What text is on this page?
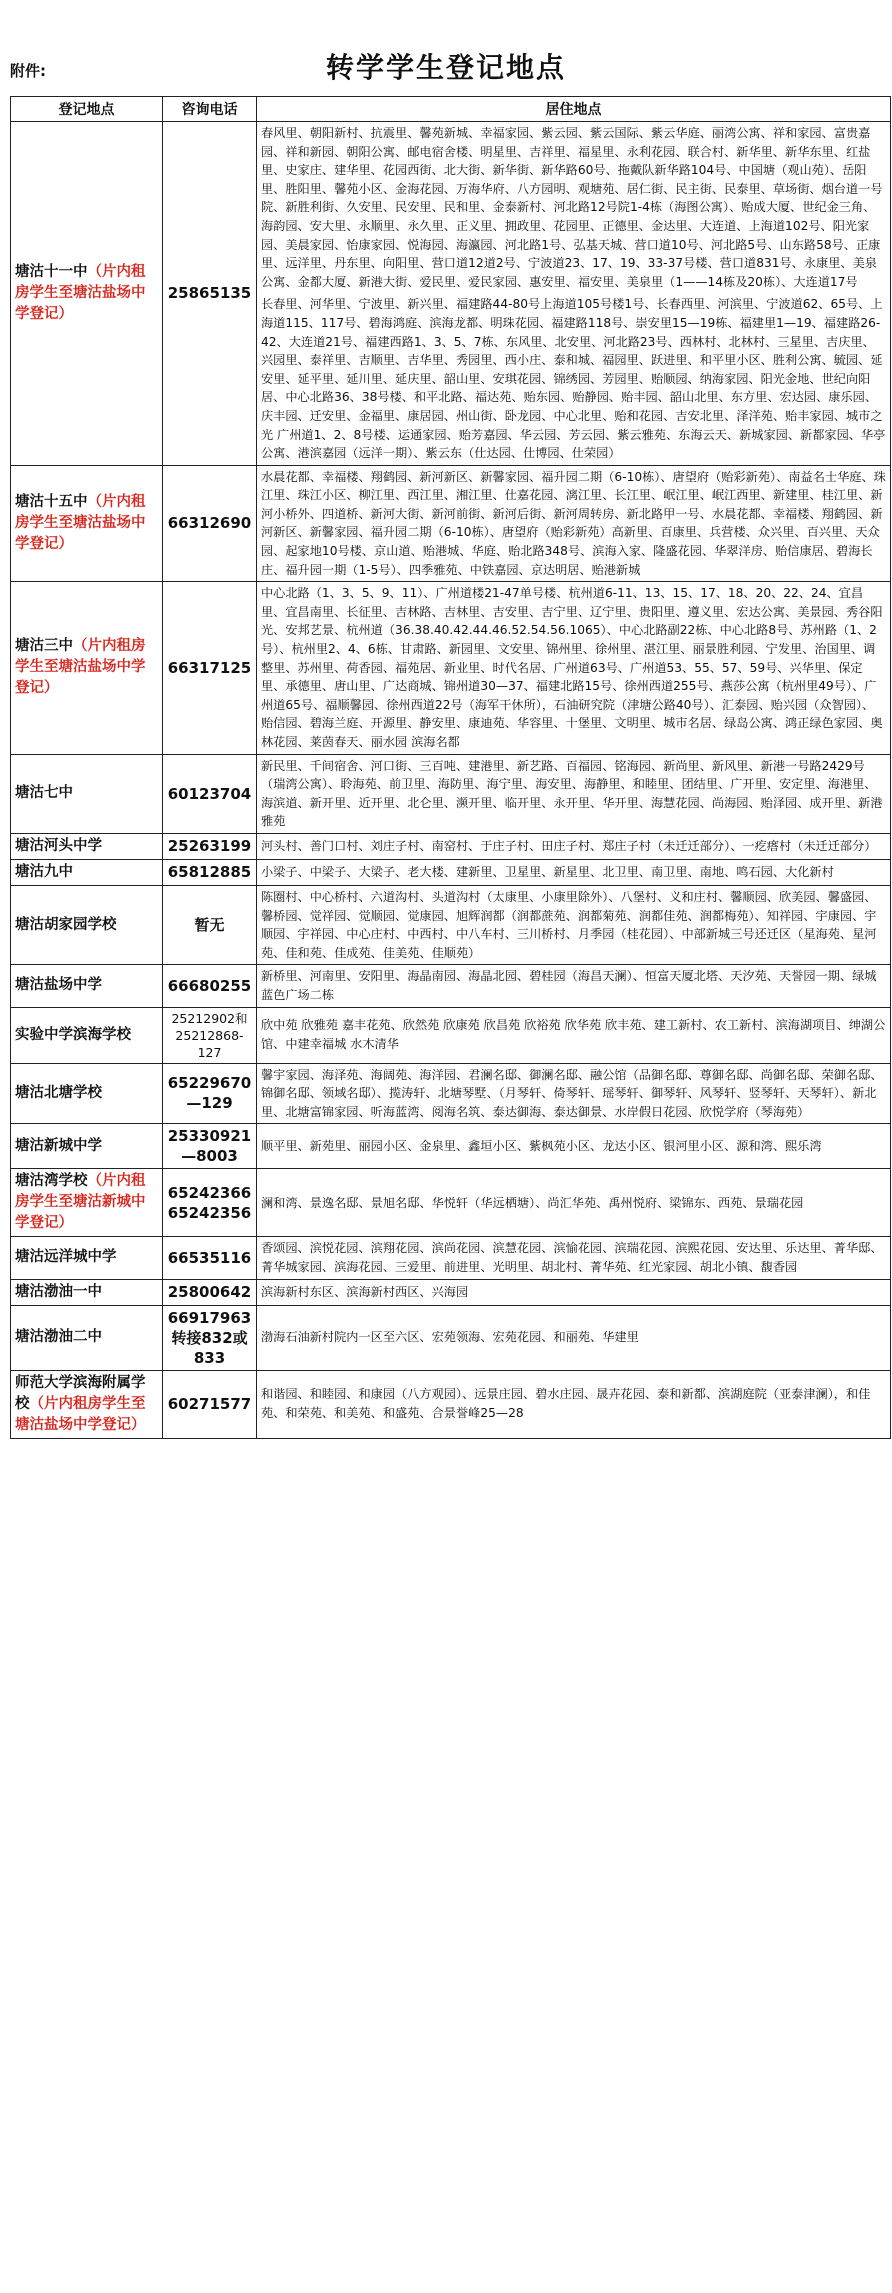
附件:	转学学生登记地点
登记地点	咨询电话	居住地点
塘沽十一中（片内租房学生至塘沽盐场中学登记）	25865135	春风里、朝阳新村、抗震里、馨苑新城、幸福家园、紫云园、紫云国际、紫云华庭、丽湾公寓、祥和家园、富贵嘉园、祥和新园、朝阳公寓、邮电宿舍楼、明星里、吉祥里、福星里、永利花园、联合村、新华里、新华东里、红盐里、史家庄、建华里、花园西街、北大街、新华街、新华路60号、拖戴队新华路104号、中国塘（观山苑）、岳阳里、胜阳里、馨苑小区、金海花园、万海华府、八方园明、观塘苑、居仁街、民主街、民泰里、草场街、烟台道一号院、新胜利街、久安里、民安里、民和里、金泰新村、河北路12号院1-4栋（海图公寓）、贻成大厦、世纪金三角、海韵园、安大里、永顺里、永久里、正义里、拥政里、花园里、正德里、金达里、大连道、上海道102号、阳光家园、美晨家园、怡康家园、悦海园、海瀛园、河北路1号、弘基天城、营口道10号、河北路5号、山东路58号、正康里、远洋里、丹东里、向阳里、营口道12道2号、宁波道23、17、19、33-37号楼、营口道831号、永康里、美泉公寓、金都大厦、新港大街、爱民里、爱民家园、惠安里、福安里、美泉里（1——14栋及20栋）、大连道17号
长春里、河华里、宁波里、新兴里、福建路44-80号上海道105号楼1号、长春西里、河滨里、宁波道62、65号、上海道115、117号、碧海鸿庭、滨海龙都、明珠花园、福建路118号、崇安里15—19栋、福建里1—19、福建路26-42、大连道21号、福建西路1、3、5、7栋、东风里、北安里、河北路23号、西林村、北林村、三星里、吉庆里、兴园里、泰祥里、吉顺里、吉华里、秀园里、西小庄、泰和城、福园里、跃进里、和平里小区、胜利公寓、毓园、延安里、延平里、延川里、延庆里、韶山里、安琪花园、锦绣园、芳园里、贻顺园、纳海家园、阳光金地、世纪向阳居、中心北路36、38号楼、和平北路、福达苑、贻东园、贻静园、贻丰园、韶山北里、东方里、宏达园、康乐园、庆丰园、迁安里、金福里、康居园、州山街、卧龙园、中心北里、贻和花园、吉安北里、泽洋苑、贻丰家园、城市之光 广州道1、2、8号楼、运通家园、贻芳嘉园、华云园、芳云园、紫云雅苑、东海云天、新城家园、新都家园、华亭公寓、港滨嘉园（远洋一期）、紫云东（仕达园、仕博园、仕荣园）

塘沽十五中（片内租房学生至塘沽盐场中学登记）	66312690	水晨花都、幸福楼、翔鹤园、新河新区、新馨家园、福升园二期（6-10栋）、唐望府（贻彩新苑）、南益名士华庭、珠江里、珠江小区、柳江里、西江里、湘江里、仕嘉花园、漓江里、长江里、岷江里、岷江西里、新建里、桂江里、新河小桥外、四道桥、新河大街、新河前街、新河后街、新河周转房、新北路甲一号、水晨花都、幸福楼、翔鹤园、新河新区、新馨家园、福升园二期（6-10栋）、唐望府（贻彩新苑）高新里、百康里、兵营楼、众兴里、百兴里、天众园、起家地10号楼、京山道、贻港城、华庭、贻北路348号、滨海入家、隆盛花园、华翠洋房、贻信康居、碧海长庄、福升园一期（1-5号）、四季雅苑、中铁嘉园、京达明居、贻港新城

塘沽三中（片内租房学生至塘沽盐场中学登记）	66317125	中心北路（1、3、5、9、11）、广州道楼21-47单号楼、杭州道6-11、13、15、17、18、20、22、24、宜昌里、宜昌南里、长征里、吉林路、吉林里、吉安里、吉宁里、辽宁里、贵阳里、遵义里、宏达公寓、美景园、秀谷阳光、安邦艺景、杭州道（36.38.40.42.44.46.52.54.56.1065）、中心北路副22栋、中心北路8号、苏州路（1、2号）、杭州里2、4、6栋、甘肃路、新园里、文安里、锦州里、徐州里、湛江里、丽景胜利园、宁发里、治国里、调整里、苏州里、荷香园、福苑居、新业里、时代名居、广州道63号、广州道53、55、57、59号、兴华里、保定里、承德里、唐山里、广达商城、锦州道30—37、福建北路15号、徐州西道255号、燕莎公寓（杭州里49号）、广州道65号、福顺馨园、徐州西道22号（海军干休所），石油研究院（津塘公路40号）、汇泰园、贻兴园（众智园）、贻信园、碧海兰庭、开源里、静安里、康迪苑、华容里、十堡里、文明里、城市名居、绿岛公寓、鸿正绿色家园、奥林花园、莱茵春天、丽水园 滨海名都

塘沽七中	60123704	新民里、千间宿舍、河口街、三百吨、建港里、新艺路、百福园、铭海园、新尚里、新风里、新港一号路2429号（瑞湾公寓）、聆海苑、前卫里、海防里、海宁里、海安里、海静里、和睦里、团结里、广开里、安定里、海港里、海滨道、新开里、近开里、北仑里、濒开里、临开里、永开里、华开里、海慧花园、尚海园、贻泽园、成开里、新港雅苑

塘沽河头中学	25263199	河头村、善门口村、刘庄子村、南窑村、于庄子村、田庄子村、郑庄子村（未迁迁部分）、一疙瘩村（未迁迁部分）

塘沽九中	65812885	小梁子、中梁子、大梁子、老大楼、建新里、卫星里、新星里、北卫里、南卫里、南地、鸣石园、大化新村

塘沽胡家园学校	暂无	陈圈村、中心桥村、六道沟村、头道沟村（太康里、小康里除外）、八堡村、义和庄村、馨顺园、欣美园、馨盛园、馨桥园、觉祥园、觉顺园、觉康园、旭辉润都（润都蔗苑、润都菊苑、润都佳苑、润都梅苑）、知祥园、宇康园、宇顺园、宇祥园、中心庄村、中西村、中八车村、三川桥村、月季园（桂花园）、中部新城三号还迁区（星海苑、星河苑、佳和苑、佳成苑、佳美苑、佳顺苑）

塘沽盐场中学	66680255	新桥里、河南里、安阳里、海晶南园、海晶北园、碧桂园（海昌天澜）、恒富天厦北塔、天汐苑、天誉园一期、绿城蓝色广场二栋

实验中学滨海学校	25212902和25212868-127	欣中苑 欣雅苑 嘉丰花苑、欣然苑 欣康苑 欣昌苑 欣裕苑 欣华苑 欣丰苑、建工新村、农工新村、滨海湖项目、绅湖公馆、中建幸福城 水木清华

塘沽北塘学校	65229670—129	馨宇家园、海泽苑、海阔苑、海洋园、君澜名邸、御澜名邸、融公馆（品御名邸、尊御名邸、尚御名邸、荣御名邸、锦御名邸、领域名邸）、揽涛轩、北塘琴墅、（月琴轩、倚琴轩、瑶琴轩、御琴轩、风琴轩、竖琴轩、天琴轩）、新北里、北塘富锦家园、听海蓝湾、阅海名筑、泰达御海、泰达御景、水岸假日花园、欣悦学府（琴海苑）

塘沽新城中学	25330921—8003	顺平里、新苑里、丽园小区、金泉里、鑫垣小区、紫枫苑小区、龙达小区、银河里小区、源和湾、熙乐湾

塘沽湾学校（片内租房学生至塘沽新城中学登记）	65242366 65242356	澜和湾、景逸名邸、景旭名邸、华悦轩（华远栖塘）、尚汇华苑、禹州悦府、梁锦东、西苑、景瑞花园

塘沽远洋城中学	66535116	香颂园、滨悦花园、滨翔花园、滨尚花园、滨慧花园、滨愉花园、滨瑞花园、滨熙花园、安达里、乐达里、菁华邸、菁华城家园、滨海花园、三爱里、前进里、光明里、胡北村、菁华苑、红光家园、胡北小镇、馥香园

塘沽渤油一中	25800642	滨海新村东区、滨海新村西区、兴海园

塘沽渤油二中	66917963转接832或833	渤海石油新村院内一区至六区、宏苑领海、宏苑花园、和丽苑、华建里

师范大学滨海附属学校（片内租房学生至塘沽盐场中学登记）	60271577	和谐园、和睦园、和康园（八方观园）、远景庄园、碧水庄园、晟卉花园、泰和新都、滨湖庭院（亚泰津澜），和佳苑、和荣苑、和美苑、和盛苑、合景誉峰25—28
